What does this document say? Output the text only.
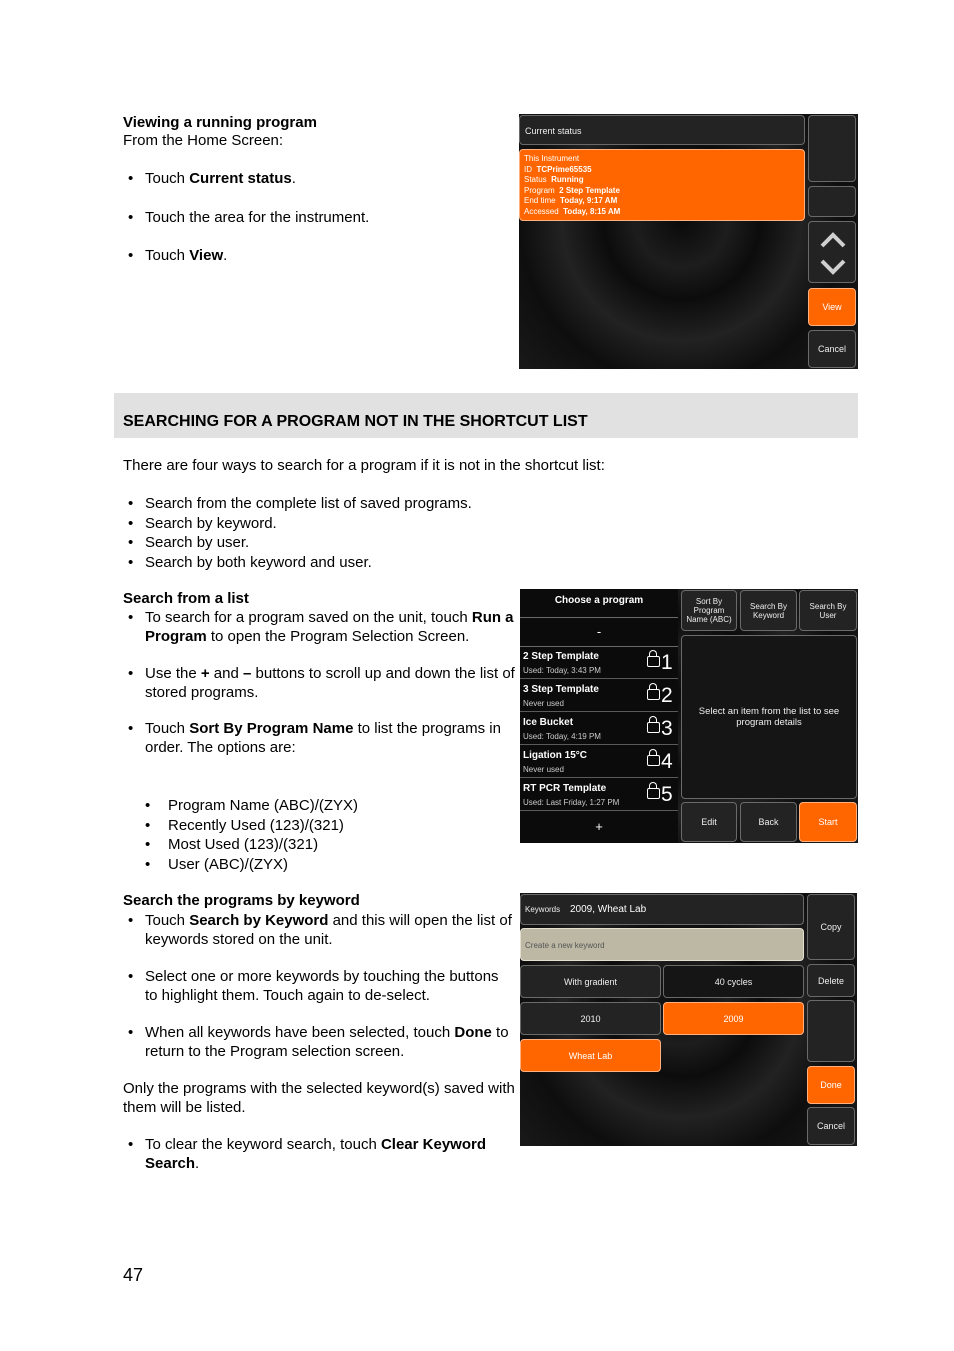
Viewing a running program
From the Home Screen:
• Touch Current status.
• Touch the area for the instrument.
• Touch View.
Current status
This Instrument
ID TCPrime65535
Status Running
Program 2 Step Template
End time Today, 9:17 AM
Accessed Today, 8:15 AM
View
Cancel
SEARCHING FOR A PROGRAM NOT IN THE SHORTCUT LIST
There are four ways to search for a program if it is not in the shortcut list:
• Search from the complete list of saved programs.
• Search by keyword.
• Search by user.
• Search by both keyword and user.
Search from a list
• To search for a program saved on the unit, touch Run a Program to open the Program Selection Screen.
• Use the + and – buttons to scroll up and down the list of stored programs.
• Touch Sort By Program Name to list the programs in order. The options are:
• Program Name (ABC)/(ZYX)
• Recently Used (123)/(321)
• Most Used (123)/(321)
• User (ABC)/(ZYX)
Choose a program
-
2 Step Template
Used: Today, 3:43 PM	1
3 Step Template
Never used	2
Ice Bucket
Used: Today, 4:19 PM	3
Ligation 15°C
Never used	4
RT PCR Template
Used: Last Friday, 1:27 PM 5
+
Sort By Program Name (ABC)
Search By Keyword
Search By User
Select an item from the list to see program details
Edit	Back	Start
Search the programs by keyword
• Touch Search by Keyword and this will open the list of keywords stored on the unit.
• Select one or more keywords by touching the buttons to highlight them. Touch again to de-select.
• When all keywords have been selected, touch Done to return to the Program selection screen.
Only the programs with the selected keyword(s) saved with them will be listed.
• To clear the keyword search, touch Clear Keyword Search.
Keywords 2009, Wheat Lab
Create a new keyword
With gradient	40 cycles
2010	2009
Wheat Lab
Copy
Delete
Done
Cancel
47
